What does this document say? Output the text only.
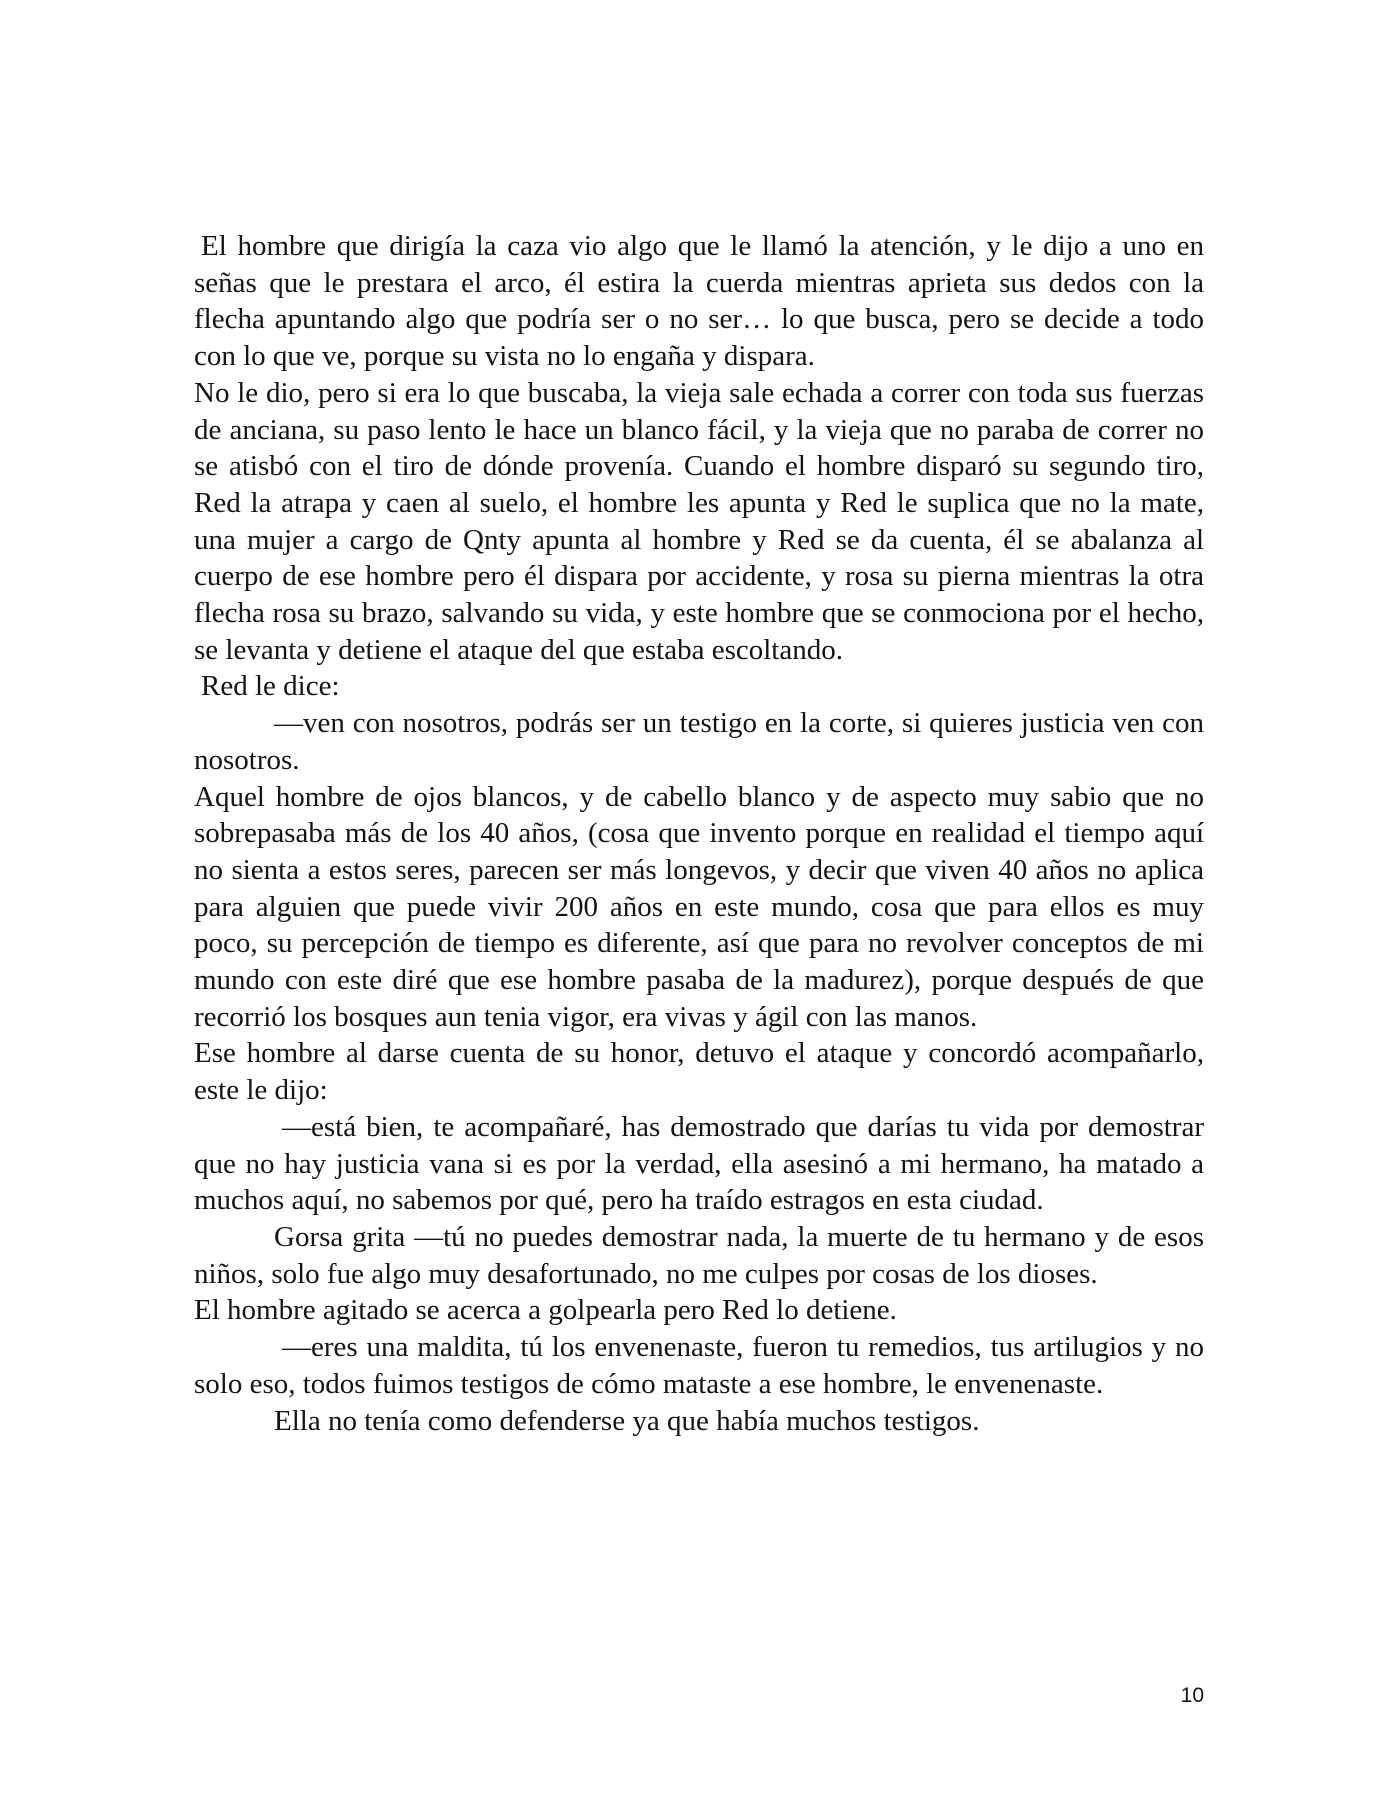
El hombre que dirigía la caza vio algo que le llamó la atención, y le dijo a uno en señas que le prestara el arco, él estira la cuerda mientras aprieta sus dedos con la flecha apuntando algo que podría ser o no ser… lo que busca, pero se decide a todo con lo que ve, porque su vista no lo engaña y dispara.

No le dio, pero si era lo que buscaba, la vieja sale echada a correr con toda sus fuerzas de anciana, su paso lento le hace un blanco fácil, y la vieja que no paraba de correr no se atisbó con el tiro de dónde provenía. Cuando el hombre disparó su segundo tiro, Red la atrapa y caen al suelo, el hombre les apunta y Red le suplica que no la mate, una mujer a cargo de Qnty apunta al hombre y Red se da cuenta, él se abalanza al cuerpo de ese hombre pero él dispara por accidente, y rosa su pierna mientras la otra flecha rosa su brazo, salvando su vida, y este hombre que se conmociona por el hecho, se levanta y detiene el ataque del que estaba escoltando.

Red le dice:

—ven con nosotros, podrás ser un testigo en la corte, si quieres justicia ven con nosotros.

Aquel hombre de ojos blancos, y de cabello blanco y de aspecto muy sabio que no sobrepasaba más de los 40 años, (cosa que invento porque en realidad el tiempo aquí no sienta a estos seres, parecen ser más longevos, y decir que viven 40 años no aplica para alguien que puede vivir 200 años en este mundo, cosa que para ellos es muy poco, su percepción de tiempo es diferente, así que para no revolver conceptos de mi mundo con este diré que ese hombre pasaba de la madurez), porque después de que recorrió los bosques aun tenia vigor, era vivas y ágil con las manos.

Ese hombre al darse cuenta de su honor, detuvo el ataque y concordó acompañarlo, este le dijo:

—está bien, te acompañaré, has demostrado que darías tu vida por demostrar que no hay justicia vana si es por la verdad, ella asesinó a mi hermano, ha matado a muchos aquí, no sabemos por qué, pero ha traído estragos en esta ciudad.

Gorsa grita —tú no puedes demostrar nada, la muerte de tu hermano y de esos niños, solo fue algo muy desafortunado, no me culpes por cosas de los dioses.

El hombre agitado se acerca a golpearla pero Red lo detiene.

—eres una maldita, tú los envenenaste, fueron tu remedios, tus artilugios y no solo eso, todos fuimos testigos de cómo mataste a ese hombre, le envenenaste.

Ella no tenía como defenderse ya que había muchos testigos.

10
